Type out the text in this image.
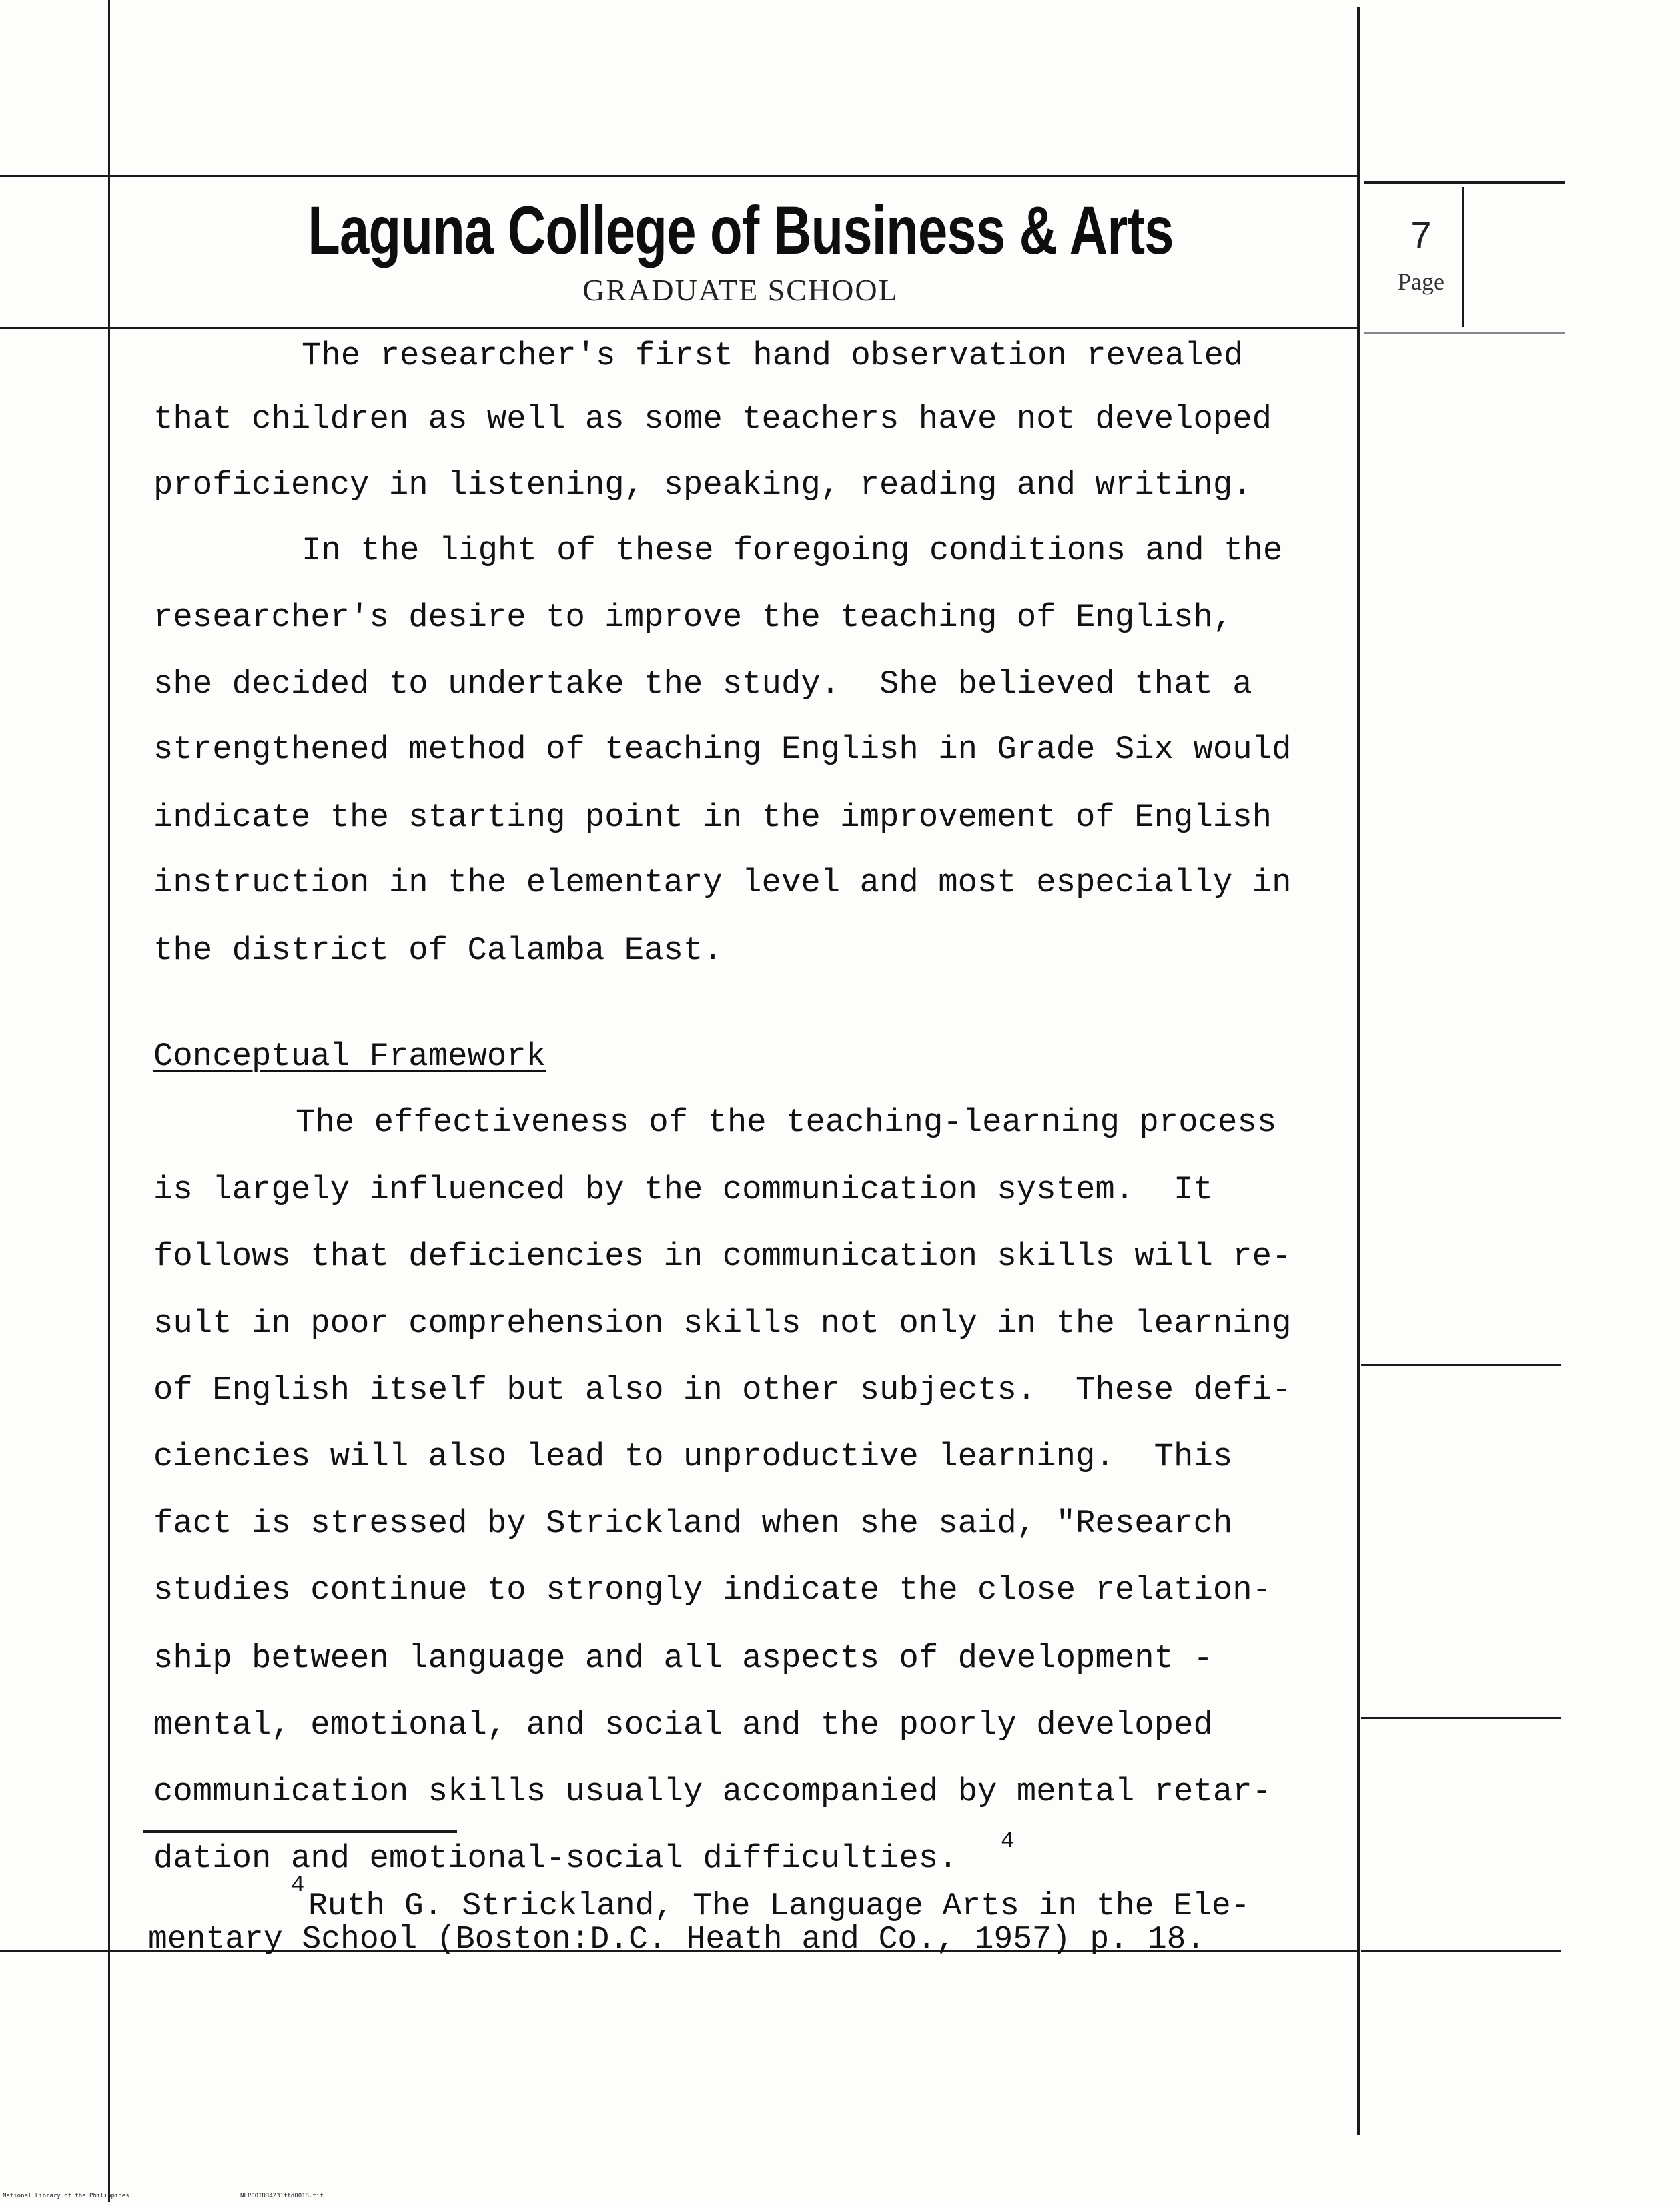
Laguna College of Business & Arts
GRADUATE SCHOOL
7
Page
The researcher's first hand observation revealed
that children as well as some teachers have not developed
proficiency in listening, speaking, reading and writing.
In the light of these foregoing conditions and the
researcher's desire to improve the teaching of English,
she decided to undertake the study.  She believed that a
strengthened method of teaching English in Grade Six would
indicate the starting point in the improvement of English
instruction in the elementary level and most especially in
the district of Calamba East.
Conceptual Framework
The effectiveness of the teaching-learning process
is largely influenced by the communication system.  It
follows that deficiencies in communication skills will re-
sult in poor comprehension skills not only in the learning
of English itself but also in other subjects.  These defi-
ciencies will also lead to unproductive learning.  This
fact is stressed by Strickland when she said, "Research
studies continue to strongly indicate the close relation-
ship between language and all aspects of development -
mental, emotional, and social and the poorly developed
communication skills usually accompanied by mental retar-
dation and emotional-social difficulties. 4
4
Ruth G. Strickland, The Language Arts in the Ele-
mentary School (Boston:D.C. Heath and Co., 1957) p. 18.
National Library of the Philippines	NLP00TD34231ftd0018.tif
